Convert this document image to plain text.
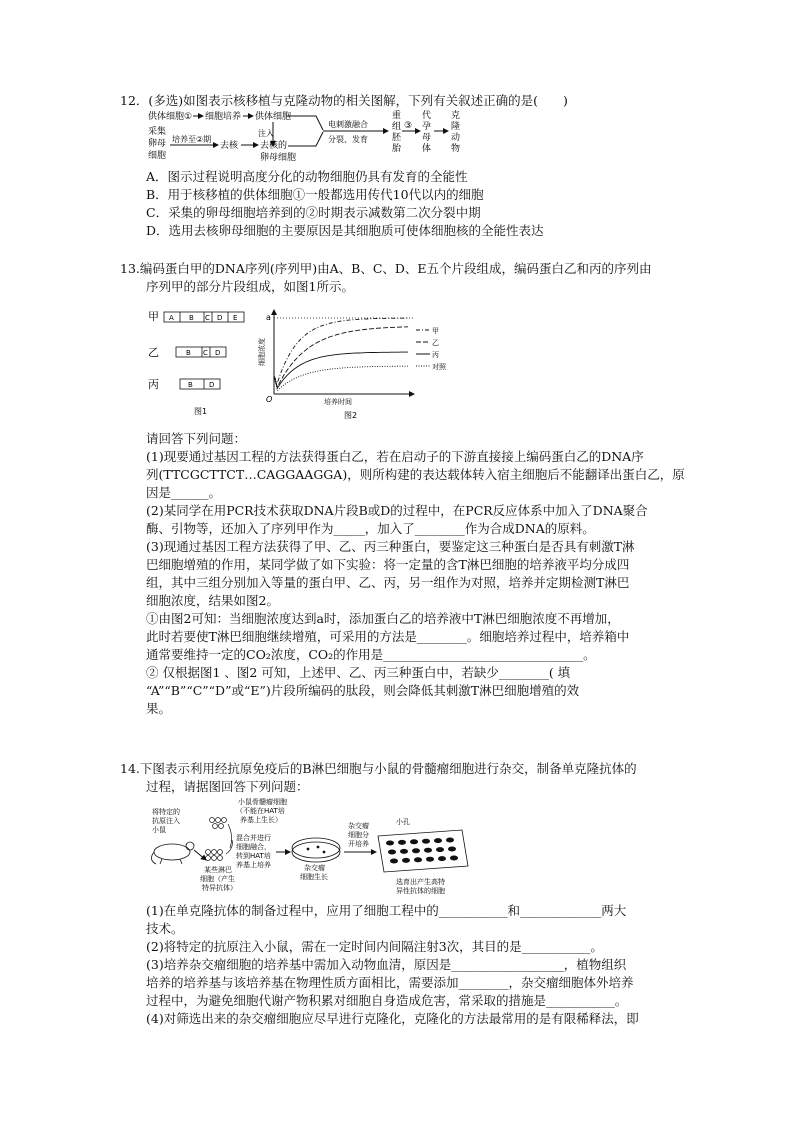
12．(多选)如图表示核移植与克隆动物的相关图解，下列有关叙述正确的是(　　)
供体细胞① 细胞培养 供体细胞
注入
采集
卵母
细胞
培养至②期
去核 去核的
卵母细胞
电刺激融合
分裂、发育
重
组
胚
胎
③
代
孕
母
体
克
隆
动
物
A．图示过程说明高度分化的动物细胞仍具有发育的全能性
B．用于核移植的供体细胞①一般都选用传代10代以内的细胞
C．采集的卵母细胞培养到的②时期表示减数第二次分裂中期
D．选用去核卵母细胞的主要原因是其细胞质可使体细胞核的全能性表达
13.编码蛋白甲的DNA序列(序列甲)由A、B、C、D、E五个片段组成，编码蛋白乙和丙的序列由
序列甲的部分片段组成，如图1所示。
甲 A B C D E
乙	B C D
丙	B D
图1
a
O
细胞浓度
培养时间
甲
乙
丙
对照
图2
请回答下列问题：
(1)现要通过基因工程的方法获得蛋白乙，若在启动子的下游直接接上编码蛋白乙的DNA序
列(TTCGCTTCT…CAGGAAGGA)，则所构建的表达载体转入宿主细胞后不能翻译出蛋白乙，原
因是______。
(2)某同学在用PCR技术获取DNA片段B或D的过程中，在PCR反应体系中加入了DNA聚合
酶、引物等，还加入了序列甲作为_____，加入了________作为合成DNA的原料。
(3)现通过基因工程方法获得了甲、乙、丙三种蛋白，要鉴定这三种蛋白是否具有刺激T淋
巴细胞增殖的作用，某同学做了如下实验：将一定量的含T淋巴细胞的培养液平均分成四
组，其中三组分别加入等量的蛋白甲、乙、丙，另一组作为对照，培养并定期检测T淋巴
细胞浓度，结果如图2。
①由图2可知：当细胞浓度达到a时，添加蛋白乙的培养液中T淋巴细胞浓度不再增加，
此时若要使T淋巴细胞继续增殖，可采用的方法是________。细胞培养过程中，培养箱中
通常要维持一定的CO₂浓度，CO₂的作用是________________________________。
② 仅根据图1 、图2 可知，上述甲、乙、丙三种蛋白中，若缺少________( 填
“A”“B”“C”“D”或“E”)片段所编码的肽段，则会降低其刺激T淋巴细胞增殖的效
果。
14.下图表示利用经抗原免疫后的B淋巴细胞与小鼠的骨髓瘤细胞进行杂交，制备单克隆抗体的
过程，请据图回答下列问题：
将特定的
抗原注入
小鼠
某些淋巴
细胞（产生
特异抗体）
小鼠骨髓瘤细胞
（不能在HAT培
养基上生长）
混合并进行
细胞融合，
转到HAT培
养基上培养	杂交瘤
细胞生长
杂交瘤
细胞分
开培养
小孔
选育出产生高特
异性抗体的细胞
(1)在单克隆抗体的制备过程中，应用了细胞工程中的___________和_____________两大
技术。
(2)将特定的抗原注入小鼠，需在一定时间内间隔注射3次，其目的是___________。
(3)培养杂交瘤细胞的培养基中需加入动物血清，原因是__________________，植物组织
培养的培养基与该培养基在物理性质方面相比，需要添加________，杂交瘤细胞体外培养
过程中，为避免细胞代谢产物积累对细胞自身造成危害，常采取的措施是___________。
(4)对筛选出来的杂交瘤细胞应尽早进行克隆化，克隆化的方法最常用的是有限稀释法，即
